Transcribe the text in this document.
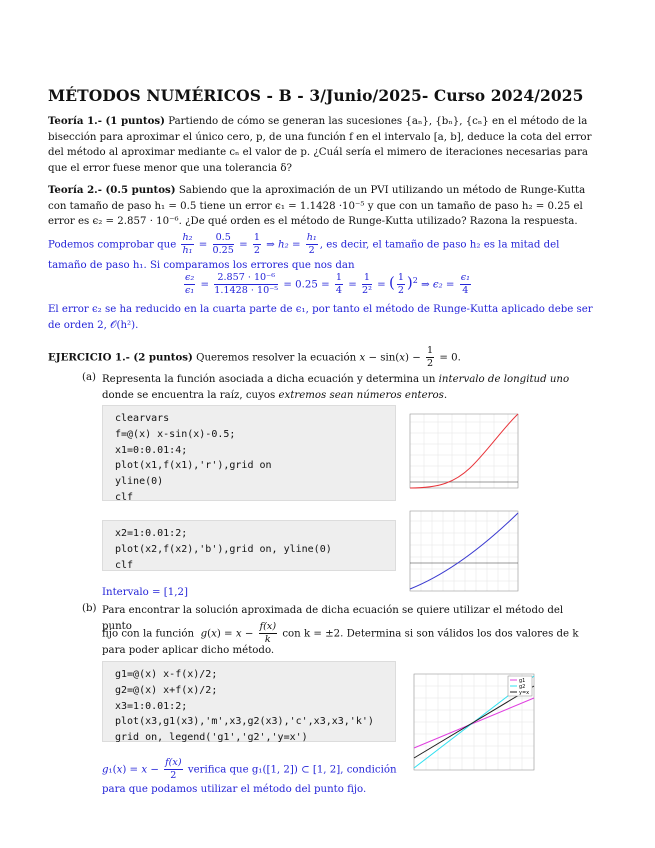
MÉTODOS NUMÉRICOS - B - 3/Junio/2025- Curso 2024/2025
Teoría 1.- (1 puntos) Partiendo de cómo se generan las sucesiones {aₙ}, {bₙ}, {cₙ} en el método de la bisección para aproximar el único cero, p, de una función f en el intervalo [a, b], deduce la cota del error del método al aproximar mediante cₙ el valor de p. ¿Cuál sería el mimero de iteraciones necesarias para que el error fuese menor que una tolerancia δ?
Teoría 2.- (0.5 puntos) Sabiendo que la aproximación de un PVI utilizando un método de Runge-Kutta con tamaño de paso h₁ = 0.5 tiene un error ϵ₁ = 1.1428 ·10⁻⁵ y que con un tamaño de paso h₂ = 0.25 el error es ϵ₂ = 2.857 · 10⁻⁶. ¿De qué orden es el método de Runge-Kutta utilizado? Razona la respuesta.
Podemos comprobar que $\frac{\text{h₂}}{\text{h₁}} = \frac{0.5}{0.25} = \frac{1}{2}$ ⇒ $h_2 = \frac{\text{h₁}}{2}$ , es decir, el tamaño de paso h₂ es la mitad del
tamaño de paso h₁. Si comparamos los errores que nos dan
$\frac{\text{ϵ₂}}{\text{ϵ₁}} = \frac{\text{2.857 · 10⁻⁶}}{\text{1.1428 · 10⁻⁵}} = 0.25 = \frac{1}{4} = \frac{1}{\text{2²}}$ = ( $\frac{1}{2} )^2$ ⇒ $\epsilon_2 = \frac{\text{ϵ₁}}{4}$
El error ϵ₂ se ha reducido en la cuarta parte de ϵ₁, por tanto el método de Runge-Kutta aplicado debe ser de orden 2, 𝒪(h²).
EJERCICIO 1.- (2 puntos) Queremos resolver la ecuación $x - \sin(x) - \frac{1}{2} = 0$.
(a) Representa la función asociada a dicha ecuación y determina un intervalo de longitud uno donde se encuentra la raíz, cuyos extremos sean números enteros.
clearvars
f=@(x) x-sin(x)-0.5;
x1=0:0.01:4;
plot(x1,f(x1),'r'),grid on
yline(0)
clf
x2=1:0.01:2;
plot(x2,f(x2),'b'),grid on, yline(0)
clf
Intervalo = [1,2]
(b) Para encontrar la solución aproximada de dicha ecuación se quiere utilizar el método del punto
fijo con la función $g(x) = x - \frac{f(x)}{k}$ con k = ±2. Determina si son válidos los dos valores de k
para poder aplicar dicho método.
g1=@(x) x-f(x)/2;
g2=@(x) x+f(x)/2;
x3=1:0.01:2;
plot(x3,g1(x3),'m',x3,g2(x3),'c',x3,x3,'k')
grid on, legend('g1','g2','y=x')
g1
g2
y=x
$g_1(x) = x - \frac{f(x)}{2}$ verifica que g₁([1, 2]) ⊂ [1, 2], condición
para que podamos utilizar el método del punto fijo.
